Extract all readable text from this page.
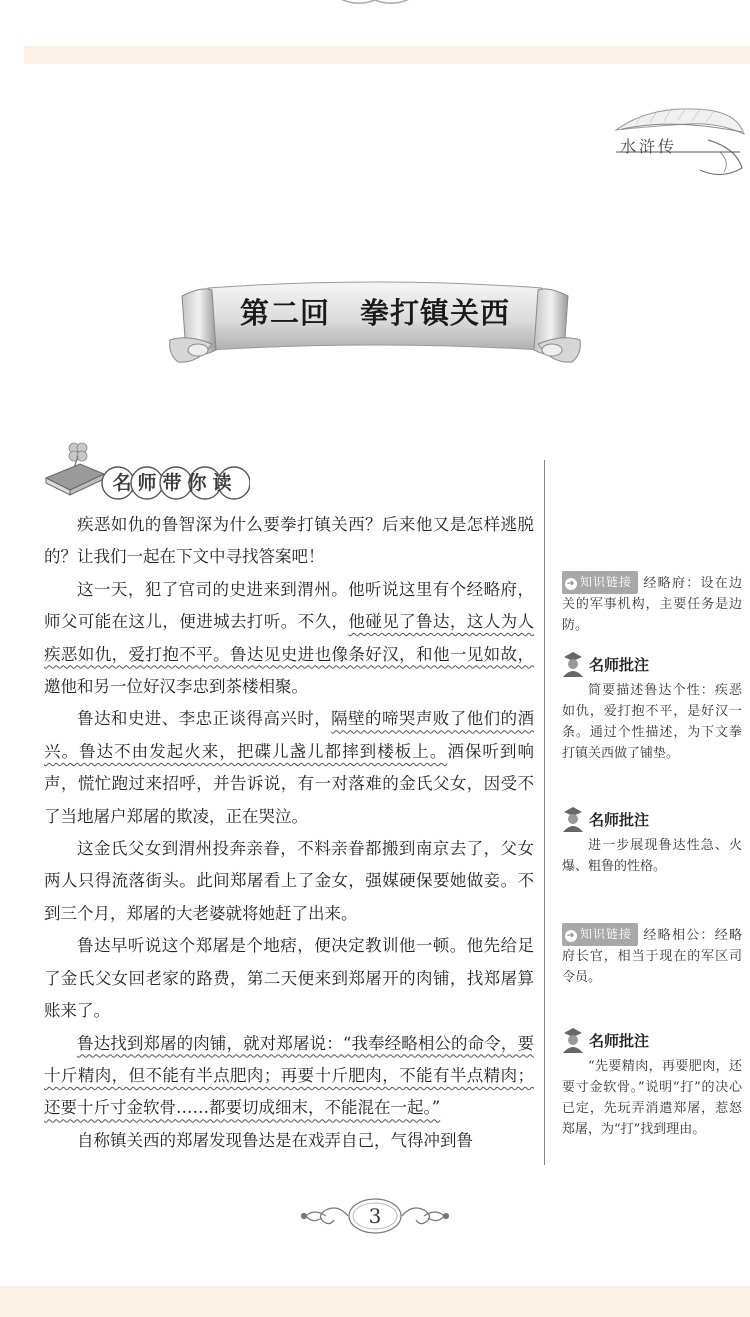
水浒传
第二回　拳打镇关西
名师带你读

疾恶如仇的鲁智深为什么要拳打镇关西？后来他又是怎样逃脱的？让我们一起在下文中寻找答案吧！

这一天，犯了官司的史进来到渭州。他听说这里有个经略府，师父可能在这儿，便进城去打听。不久，他碰见了鲁达，这人为人疾恶如仇，爱打抱不平。鲁达见史进也像条好汉，和他一见如故，邀他和另一位好汉李忠到茶楼相聚。

鲁达和史进、李忠正谈得高兴时，隔壁的啼哭声败了他们的酒兴。鲁达不由发起火来，把碟儿盏儿都摔到楼板上。酒保听到响声，慌忙跑过来招呼，并告诉说，有一对落难的金氏父女，因受不了当地屠户郑屠的欺凌，正在哭泣。

这金氏父女到渭州投奔亲眷，不料亲眷都搬到南京去了，父女两人只得流落街头。此间郑屠看上了金女，强媒硬保要她做妾。不到三个月，郑屠的大老婆就将她赶了出来。

鲁达早听说这个郑屠是个地痞，便决定教训他一顿。他先给足了金氏父女回老家的路费，第二天便来到郑屠开的肉铺，找郑屠算账来了。

鲁达找到郑屠的肉铺，就对郑屠说：“我奉经略相公的命令，要十斤精肉，但不能有半点肥肉；再要十斤肥肉，不能有半点精肉；还要十斤寸金软骨……都要切成细末，不能混在一起。”

自称镇关西的郑屠发现鲁达是在戏弄自己，气得冲到鲁

➜ 知识链接 经略府：设在边关的军事机构，主要任务是边防。

名师批注

简要描述鲁达个性：疾恶如仇，爱打抱不平，是好汉一条。通过个性描述，为下文拳打镇关西做了铺垫。

名师批注

进一步展现鲁达性急、火爆、粗鲁的性格。

➜ 知识链接 经略相公：经略府长官，相当于现在的军区司令员。

名师批注

“先要精肉，再要肥肉，还要寸金软骨。”说明“打”的决心已定，先玩弄消遣郑屠，惹怒郑屠，为“打”找到理由。

3
